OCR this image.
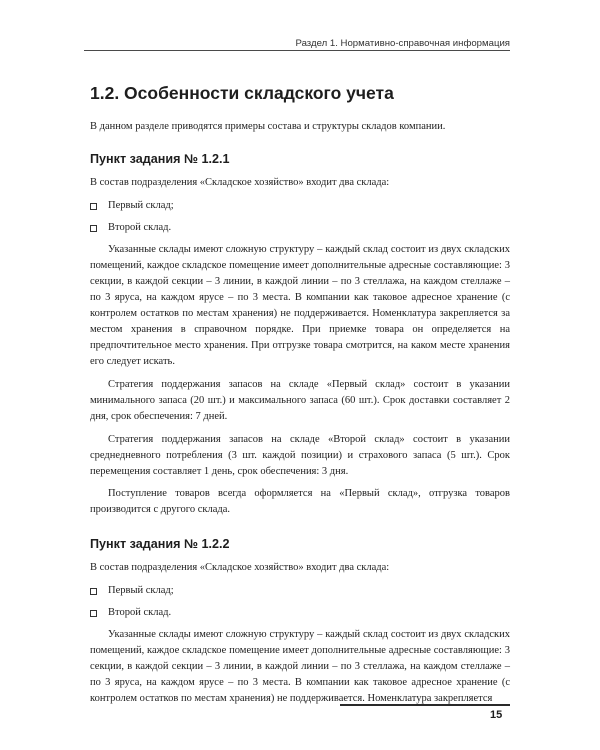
Раздел 1. Нормативно-справочная информация
1.2. Особенности складского учета

В данном разделе приводятся примеры состава и структуры складов компании.

Пункт задания № 1.2.1

В состав подразделения «Складское хозяйство» входит два склада:

Первый склад;
Второй склад.

Указанные склады имеют сложную структуру – каждый склад состоит из двух складских помещений, каждое складское помещение имеет дополнительные адресные составляющие: 3 секции, в каждой секции – 3 линии, в каждой линии – по 3 стеллажа, на каждом стеллаже – по 3 яруса, на каждом ярусе – по 3 места. В компании как таковое адресное хранение (с контролем остатков по местам хранения) не поддерживается. Номенклатура закрепляется за местом хранения в справочном порядке. При приемке товара он определяется на предпочтительное место хранения. При отгрузке товара смотрится, на каком месте хранения его следует искать.

Стратегия поддержания запасов на складе «Первый склад» состоит в указании минимального запаса (20 шт.) и максимального запаса (60 шт.). Срок доставки составляет 2 дня, срок обеспечения: 7 дней.

Стратегия поддержания запасов на складе «Второй склад» состоит в указании среднедневного потребления (3 шт. каждой позиции) и страхового запаса (5 шт.). Срок перемещения составляет 1 день, срок обеспечения: 3 дня.

Поступление товаров всегда оформляется на «Первый склад», отгрузка товаров производится с другого склада.

Пункт задания № 1.2.2

В состав подразделения «Складское хозяйство» входит два склада:

Первый склад;
Второй склад.

Указанные склады имеют сложную структуру – каждый склад состоит из двух складских помещений, каждое складское помещение имеет дополнительные адресные составляющие: 3 секции, в каждой секции – 3 линии, в каждой линии – по 3 стеллажа, на каждом стеллаже – по 3 яруса, на каждом ярусе – по 3 места. В компании как таковое адресное хранение (с контролем остатков по местам хранения) не поддерживается. Номенклатура закрепляется

15
